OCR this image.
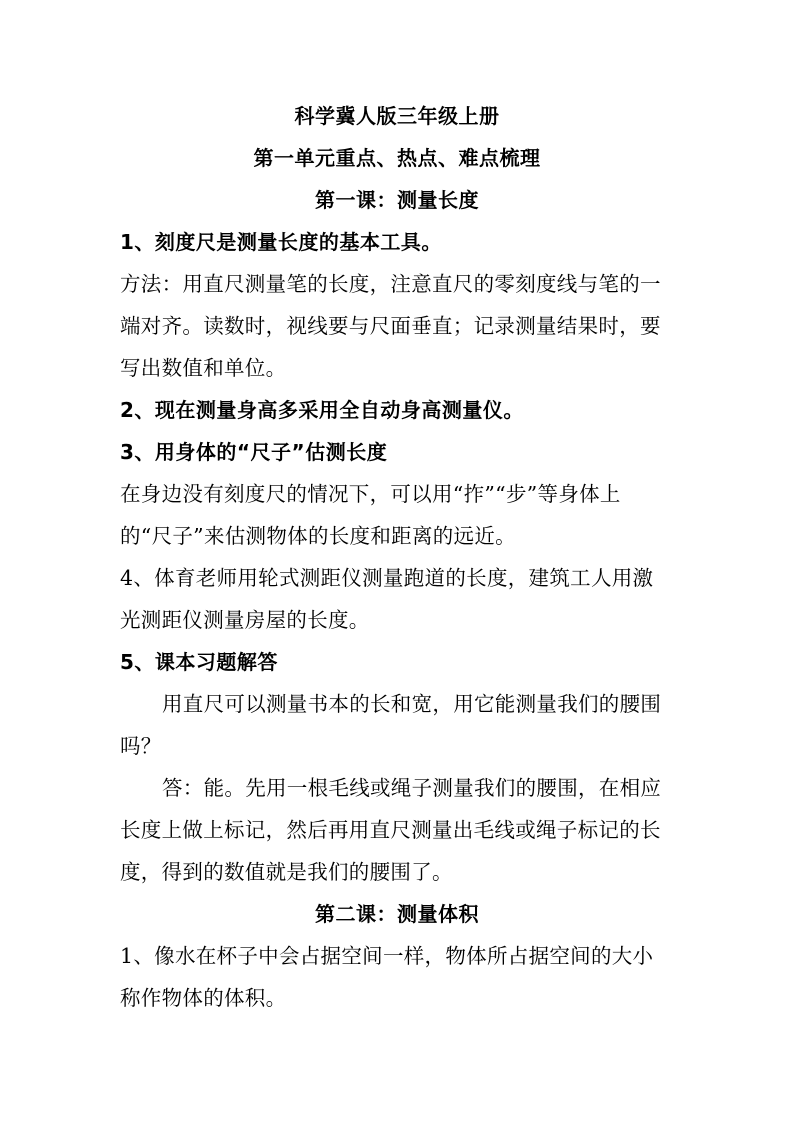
科学冀人版三年级上册
第一单元重点、热点、难点梳理
第一课：测量长度
1、刻度尺是测量长度的基本工具。
方法：用直尺测量笔的长度，注意直尺的零刻度线与笔的一
端对齐。读数时，视线要与尺面垂直；记录测量结果时，要
写出数值和单位。
2、现在测量身高多采用全自动身高测量仪。
3、用身体的“尺子”估测长度
在身边没有刻度尺的情况下，可以用“拃”“步”等身体上
的“尺子”来估测物体的长度和距离的远近。
4、体育老师用轮式测距仪测量跑道的长度，建筑工人用激
光测距仪测量房屋的长度。
5、课本习题解答
用直尺可以测量书本的长和宽，用它能测量我们的腰围
吗？
答：能。先用一根毛线或绳子测量我们的腰围，在相应
长度上做上标记，然后再用直尺测量出毛线或绳子标记的长
度，得到的数值就是我们的腰围了。
第二课：测量体积
1、像水在杯子中会占据空间一样，物体所占据空间的大小
称作物体的体积。
